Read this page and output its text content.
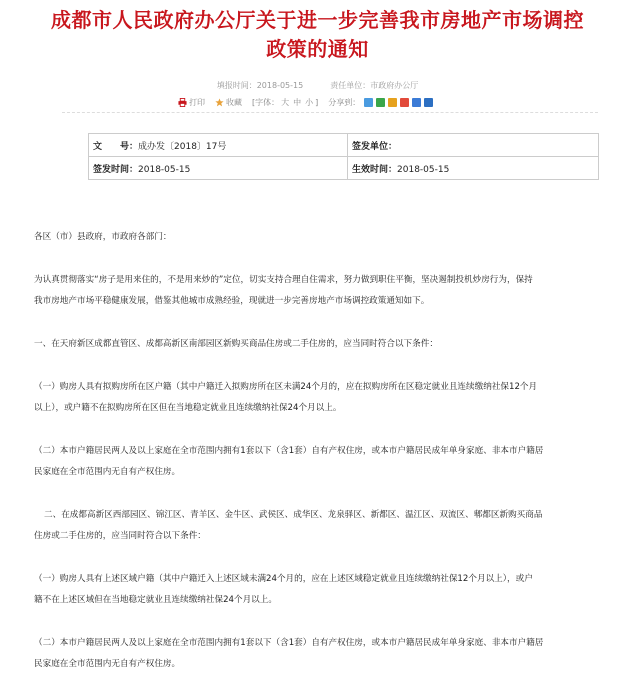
成都市人民政府办公厅关于进一步完善我市房地产市场调控
政策的通知
填报时间：2018-05-15	责任单位：市政府办公厅
打印	收藏 [字体： 大 中 小 ] 分享到：
文　　号：成办发〔2018〕17号	签发单位：
签发时间：2018-05-15	生效时间：2018-05-15

各区（市）县政府，市政府各部门：

为认真贯彻落实“房子是用来住的，不是用来炒的”定位，切实支持合理自住需求，努力做到职住平衡，坚决遏制投机炒房行为，保持

我市房地产市场平稳健康发展，借鉴其他城市成熟经验，现就进一步完善房地产市场调控政策通知如下。

一、在天府新区成都直管区、成都高新区南部园区新购买商品住房或二手住房的，应当同时符合以下条件：

（一）购房人具有拟购房所在区户籍（其中户籍迁入拟购房所在区未满24个月的，应在拟购房所在区稳定就业且连续缴纳社保12个月

以上），或户籍不在拟购房所在区但在当地稳定就业且连续缴纳社保24个月以上。

（二）本市户籍居民两人及以上家庭在全市范围内拥有1套以下（含1套）自有产权住房，或本市户籍居民成年单身家庭、非本市户籍居

民家庭在全市范围内无自有产权住房。

二、在成都高新区西部园区、锦江区、青羊区、金牛区、武侯区、成华区、龙泉驿区、新都区、温江区、双流区、郫都区新购买商品

住房或二手住房的，应当同时符合以下条件：

（一）购房人具有上述区域户籍（其中户籍迁入上述区域未满24个月的，应在上述区域稳定就业且连续缴纳社保12个月以上），或户

籍不在上述区域但在当地稳定就业且连续缴纳社保24个月以上。

（二）本市户籍居民两人及以上家庭在全市范围内拥有1套以下（含1套）自有产权住房，或本市户籍居民成年单身家庭、非本市户籍居

民家庭在全市范围内无自有产权住房。
